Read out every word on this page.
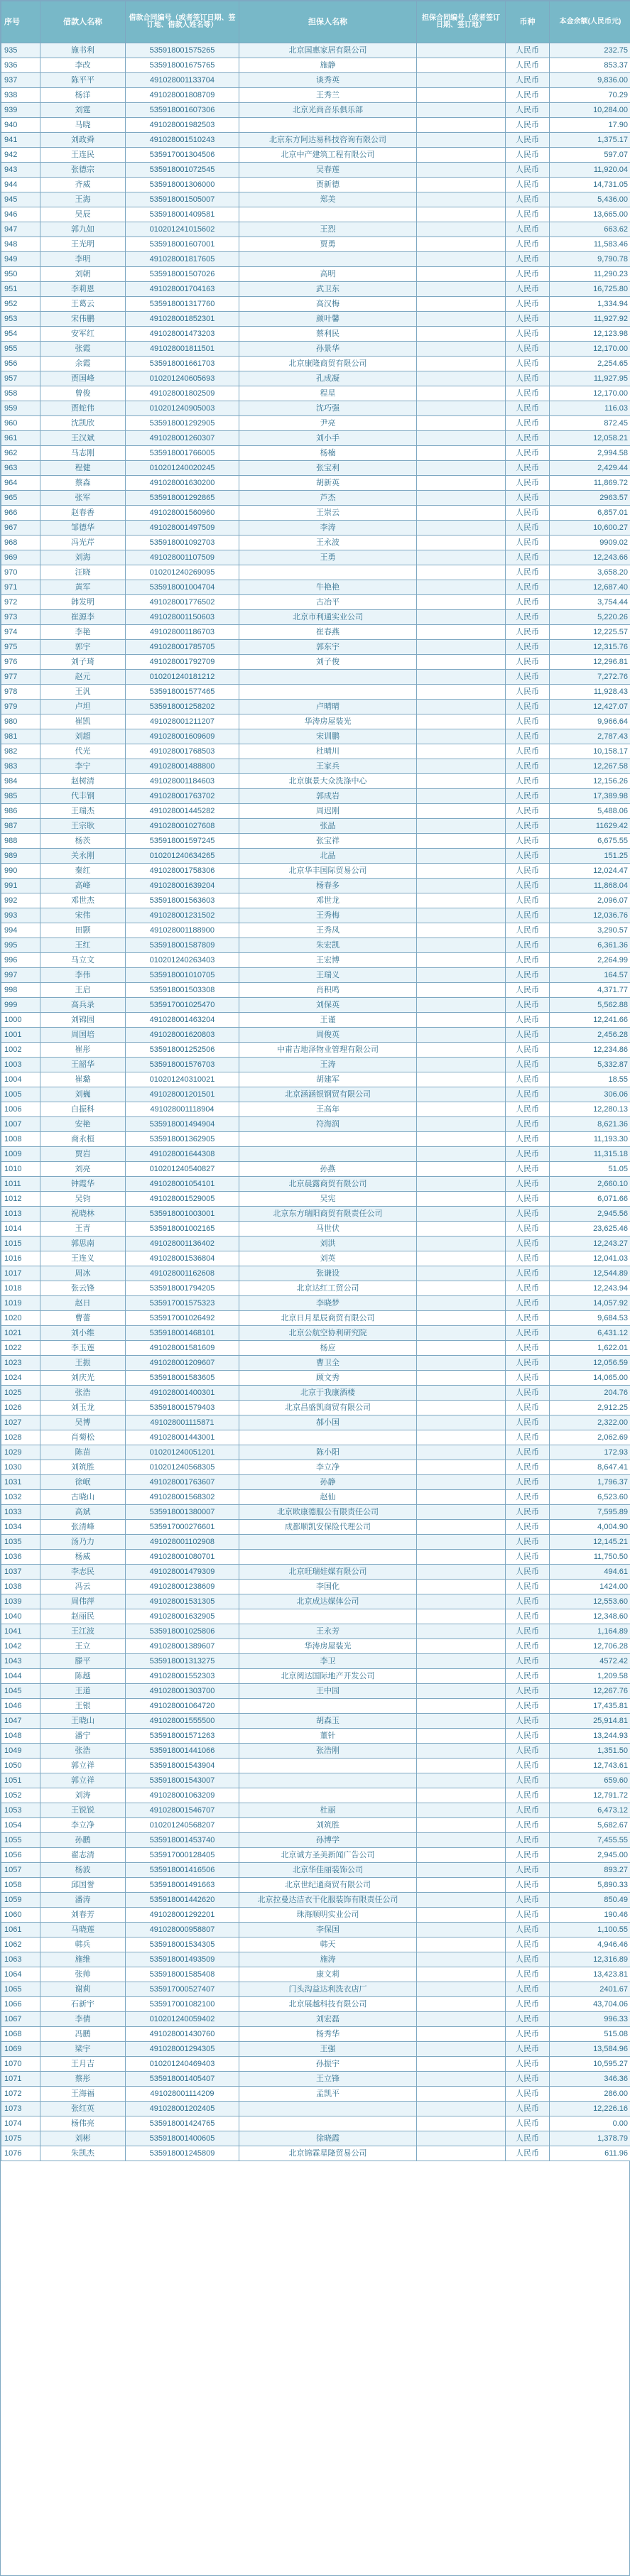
序号	借款人名称	借款合同编号（或者签订日期、签订地、借款人姓名等）	担保人名称	担保合同编号（或者签订日期、签订地）	币种	本金余额(人民币元)
935	施书利	535918001575265	北京国惠家居有限公司		人民币	232.75
936	李改	535918001675765	施静		人民币	853.37
937	陈平平	491028001133704	谈秀英		人民币	9,836.00
938	杨洋	491028001808709	王秀兰		人民币	70.29
939	刘霆	535918001607306	北京光尚音乐俱乐部		人民币	10,284.00
940	马晓	491028001982503			人民币	17.90
941	刘政舜	491028001510243	北京东方阿达易科技咨询有限公司		人民币	1,375.17
942	王连民	535917001304506	北京中产建筑工程有限公司		人民币	597.07
943	张德宗	535918001072545	吴春莲		人民币	11,920.04
944	齐威	535918001306000	贾新德		人民币	14,731.05
945	王海	535918001505007	郑美		人民币	5,436.00
946	吴辰	535918001409581			人民币	13,665.00
947	郭九如	010201241015602	王烈		人民币	663.62
948	王光明	535918001607001	贾勇		人民币	11,583.46
949	李明	491028001817605			人民币	9,790.78
950	刘朝	535918001507026	高明		人民币	11,290.23
951	李莉恩	491028001704163	武卫东		人民币	16,725.80
952	王葛云	535918001317760	高汉梅		人民币	1,334.94
953	宋伟鹏	491028001852301	颜叶馨		人民币	11,927.92
954	安军红	491028001473203	蔡利民		人民币	12,123.98
955	张霞	491028001811501	孙景华		人民币	12,170.00
956	余霞	535918001661703	北京康隆商贸有限公司		人民币	2,254.65
957	贾国峰	010201240605693	孔成凝		人民币	11,927.95
958	曾俊	491028001802509	程星		人民币	12,170.00
959	贾蛇伟	010201240905003	沈巧强		人民币	116.03
960	沈凯欣	535918001292905	尹亮		人民币	872.45
961	王汉斌	491028001260307	刘小手		人民币	12,058.21
962	马志刚	535918001766005	杨楠		人民币	2,994.58
963	程健	010201240020245	张宝利		人民币	2,429.44
964	蔡森	491028001630200	胡新英		人民币	11,869.72
965	张军	535918001292865	芦杰		人民币	2963.57
966	赵春香	491028001560960	王崇云		人民币	6,857.01
967	邹德华	491028001497509	李涛		人民币	10,600.27
968	冯光芹	535918001092703	王永波		人民币	9909.02
969	刘海	491028001107509	王勇		人民币	12,243.66
970	汪晓	010201240269095			人民币	3,658.20
971	黄军	535918001004704	牛艳艳		人民币	12,687.40
972	韩发明	491028001776502	古冶平		人民币	3,754.44
973	崔源李	491028001150603	北京市利通实业公司		人民币	5,220.26
974	李艳	491028001186703	崔春燕		人民币	12,225.57
975	郭宇	491028001785705	郭东宇		人民币	12,315.76
976	刘子琦	491028001792709	刘子俊		人民币	12,296.81
977	赵元	010201240181212			人民币	7,272.76
978	王汎	535918001577465			人民币	11,928.43
979	卢坦	535918001258202	卢晴晴		人民币	12,427.07
980	崔凯	491028001211207	华涛房屋装光		人民币	9,966.64
981	刘超	491028001609609	宋训鹏		人民币	2,787.43
982	代光	491028001768503	杜晴川		人民币	10,158.17
983	李宁	491028001488800	王家兵		人民币	12,267.58
984	赵树清	491028001184603	北京旗景大众洗涤中心		人民币	12,156.26
985	代丰钢	491028001763702	郭成岩		人民币	17,389.98
986	王瑞杰	491028001445282	周迟刚		人民币	5,488.06
987	王宗耿	491028001027608	张晶		人民币	11629.42
988	杨茨	535918001597245	张宝祥		人民币	6,675.55
989	关永刚	010201240634265	北晶		人民币	151.25
990	秦红	491028001758306	北京华丰国际贸易公司		人民币	12,024.47
991	高峰	491028001639204	杨春多		人民币	11,868.04
992	邓世杰	535918001563603	邓世龙		人民币	2,096.07
993	宋伟	491028001231502	王秀梅		人民币	12,036.76
994	田颢	491028001188900	王秀凤		人民币	3,290.57
995	王红	535918001587809	朱宏凯		人民币	6,361.36
996	马立文	010201240263403	王宏博		人民币	2,264.99
997	李伟	535918001010705	王瑞义		人民币	164.57
998	王启	535918001503308	肖积鸣		人民币	4,371.77
999	高兵录	535917001025470	刘保英		人民币	5,562.88
1000	刘锦园	491028001463204	王谨		人民币	12,241.66
1001	周国培	491028001620803	周俊英		人民币	2,456.28
1002	崔彤	535918001252506	中甫吉地泽物业管理有限公司		人民币	12,234.86
1003	王韶华	535918001576703	王涛		人民币	5,332.87
1004	崔璐	010201240310021	胡建军		人民币	18.55
1005	刘巍	491028001201501	北京涵涵银钢贸有限公司		人民币	306.06
1006	白振科	491028001118904	王高年		人民币	12,280.13
1007	安艳	535918001494904	符海润		人民币	8,621.36
1008	商永桓	535918001362905			人民币	11,193.30
1009	贾岩	491028001644308			人民币	11,315.18
1010	刘亮	010201240540827	孙燕		人民币	51.05
1011	钟霞华	491028001054101	北京晨露商贸有限公司		人民币	2,660.10
1012	吴钧	491028001529005	吴宪		人民币	6,071.66
1013	祝晓林	535918001003001	北京东方瑞阳商贸有限责任公司		人民币	2,945.56
1014	王青	535918001002165	马世伏		人民币	23,625.46
1015	郭思南	491028001136402	刘洪		人民币	12,243.27
1016	王连义	491028001536804	刘英		人民币	12,041.03
1017	周冰	491028001162608	张谦设		人民币	12,544.89
1018	张云锋	535918001794205	北京达红工贸公司		人民币	12,243.94
1019	赵日	535917001575323	李晓梦		人民币	14,057.92
1020	曹蕾	535917001026492	北京日月星辰商贸有限公司		人民币	9,684.53
1021	刘小维	535918001468101	北京公航空协利研究院		人民币	6,431.12
1022	李玉莲	491028001581609	杨应		人民币	1,622.01
1023	王振	491028001209607	曹卫全		人民币	12,056.59
1024	刘庆光	535918001583605	顾文秀		人民币	14,065.00
1025	张浩	491028001400301	北京于我康酒楼		人民币	204.76
1026	刘玉龙	535918001579403	北京昌盛凯商贸有限公司		人民币	2,912.25
1027	吴博	491028001115871	郝小国		人民币	2,322.00
1028	肖菊松	491028001443001			人民币	2,062.69
1029	陈苗	010201240051201	陈小阳		人民币	172.93
1030	刘筑胜	010201240568305	李立净		人民币	8,647.41
1031	徐岷	491028001763607	孙静		人民币	1,796.37
1032	古晓山	491028001568302	赵仙		人民币	6,523.60
1033	高斌	535918001380007	北京欧康德服公有限责任公司		人民币	7,595.89
1034	张清峰	535917000276601	成都顺凯安保险代理公司		人民币	4,004.90
1035	汤乃力	491028001102908			人民币	12,145.21
1036	杨威	491028001080701			人民币	11,750.50
1037	李志民	491028001479309	北京旺瑞娃媒有限公司		人民币	494.61
1038	冯云	491028001238609	李国化		人民币	1424.00
1039	周伟萍	491028001531305	北京成达媒体公司		人民币	12,553.60
1040	赵丽民	491028001632905			人民币	12,348.60
1041	王江波	535918001025806	王永芳		人民币	1,164.89
1042	王立	491028001389607	华涛房屋装光		人民币	12,706.28
1043	滕平	535918001313275	李卫		人民币	4572.42
1044	陈越	491028001552303	北京阅达国际地产开发公司		人民币	1,209.58
1045	王道	491028001303700	王中园		人民币	12,267.76
1046	王银	491028001064720			人民币	17,435.81
1047	王晓山	491028001555500	胡森玉		人民币	25,914.81
1048	潘宁	535918001571263	董针		人民币	13,244.93
1049	张浩	535918001441066	张浩刚		人民币	1,351.50
1050	郭立祥	535918001543904			人民币	12,743.61
1051	郭立祥	535918001543007			人民币	659.60
1052	刘涛	491028001063209			人民币	12,791.72
1053	王锐锐	491028001546707	杜丽		人民币	6,473.12
1054	李立净	010201240568207	刘筑胜		人民币	5,682.67
1055	孙鹏	535918001453740	孙博学		人民币	7,455.55
1056	翟志清	535917000128405	北京诚方圣美新闻广告公司		人民币	2,945.00
1057	杨波	535918001416506	北京华佳丽装饰公司		人民币	893.27
1058	邱国誉	535918001491663	北京世纪通商贸有限公司		人民币	5,890.33
1059	潘涛	535918001442620	北京拉曼达洁衣干化服装饰有限责任公司		人民币	850.49
1060	刘春芳	491028001292201	珠海顺明实业公司		人民币	190.46
1061	马晓莲	491028000958807	李保国		人民币	1,100.55
1062	韩兵	535918001534305	韩天		人民币	4,946.46
1063	施维	535918001493509	施涛		人民币	12,316.89
1064	张帅	535918001585408	康文莉		人民币	13,423.81
1065	谢莉	535917000527407	门头沟益达利洗衣店厂		人民币	2401.67
1066	石新宇	535917001082100	北京展越科技有限公司		人民币	43,704.06
1067	李倩	010201240059402	刘宏磊		人民币	996.33
1068	冯鹏	491028001430760	杨秀华		人民币	515.08
1069	梁宇	491028001294305	王强		人民币	13,584.96
1070	王月吉	010201240469403	孙振宇		人民币	10,595.27
1071	蔡彤	535918001405407	王立锋		人民币	346.36
1072	王海福	491028001114209	孟凯平		人民币	286.00
1073	张红英	491028001202405			人民币	12,226.16
1074	杨伟亮	535918001424765			人民币	0.00
1075	刘彬	535918001400605	徐晓霞		人民币	1,378.79
1076	朱凯杰	535918001245809	北京锦霖星隆贸易公司		人民币	611.96
